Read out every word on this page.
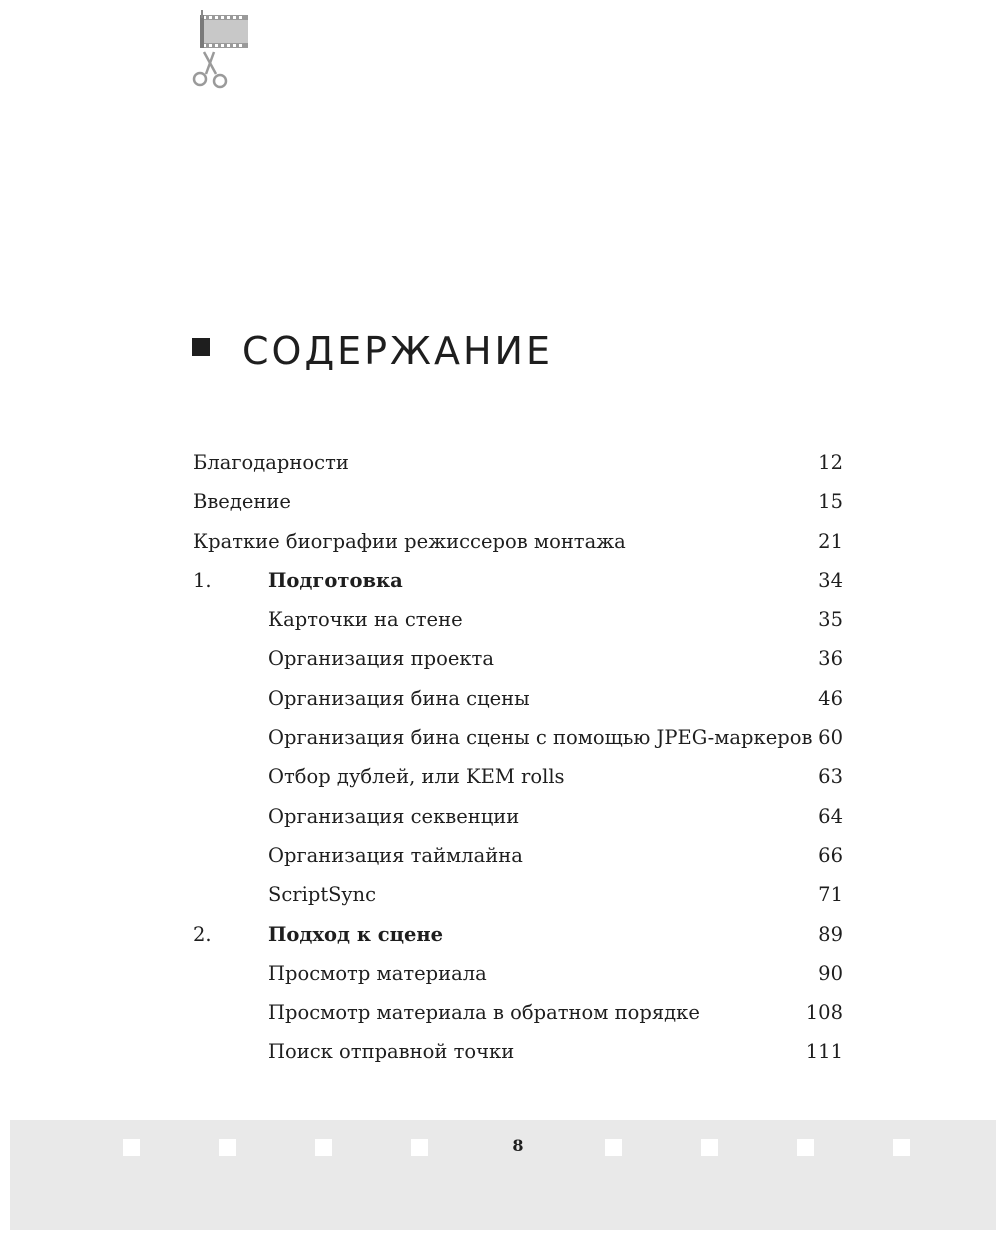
СОДЕРЖАНИЕ
Благодарности	12
Введение	15
Краткие биографии режиссеров монтажа	21
1.	Подготовка	34
Карточки на стене	35
Организация проекта	36
Организация бина сцены	46
Организация бина сцены с помощью JPEG-маркеров 60
Отбор дублей, или KEM rolls	63
Организация секвенции	64
Организация таймлайна	66
ScriptSync	71
2.	Подход к сцене	89
Просмотр материала	90
Просмотр материала в обратном порядке	108
Поиск отправной точки	111
8
